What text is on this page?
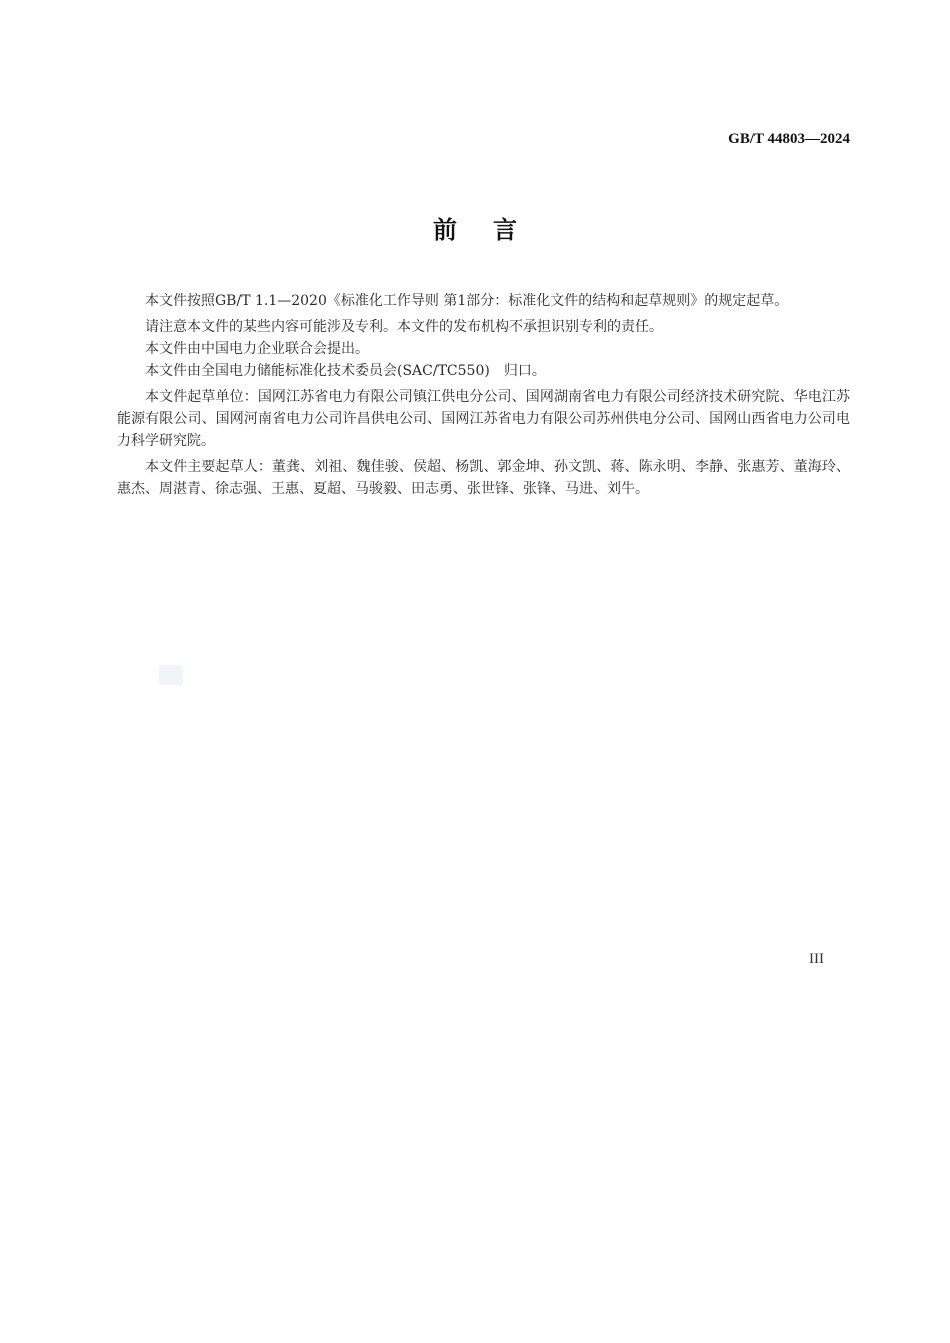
GB/T 44803—2024
前言

本文件按照GB/T 1.1—2020《标准化工作导则 第1部分：标准化文件的结构和起草规则》的规定起草。

请注意本文件的某些内容可能涉及专利。本文件的发布机构不承担识别专利的责任。

本文件由中国电力企业联合会提出。

本文件由全国电力储能标准化技术委员会(SAC/TC550)　归口。

本文件起草单位：国网江苏省电力有限公司镇江供电分公司、国网湖南省电力有限公司经济技术研究院、华电江苏能源有限公司、国网河南省电力公司许昌供电公司、国网江苏省电力有限公司苏州供电分公司、国网山西省电力公司电力科学研究院。

本文件主要起草人：董龚、刘祖、魏佳骏、侯超、杨凯、郭金坤、孙文凯、蒋、陈永明、李静、张惠芳、董海玲、惠杰、周湛青、徐志强、王惠、夏超、马骏毅、田志勇、张世锋、张锋、马进、刘牛。

III
